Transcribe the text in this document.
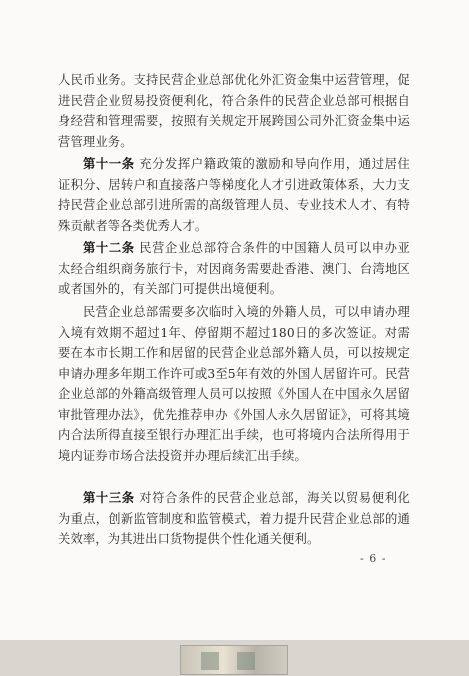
人民币业务。支持民营企业总部优化外汇资金集中运营管理，促进民营企业贸易投资便利化，符合条件的民营企业总部可根据自身经营和管理需要，按照有关规定开展跨国公司外汇资金集中运营管理业务。

第十一条 充分发挥户籍政策的激励和导向作用，通过居住证积分、居转户和直接落户等梯度化人才引进政策体系，大力支持民营企业总部引进所需的高级管理人员、专业技术人才、有特殊贡献者等各类优秀人才。

第十二条 民营企业总部符合条件的中国籍人员可以申办亚太经合组织商务旅行卡，对因商务需要赴香港、澳门、台湾地区或者国外的，有关部门可提供出境便利。

民营企业总部需要多次临时入境的外籍人员，可以申请办理入境有效期不超过1年、停留期不超过180日的多次签证。对需要在本市长期工作和居留的民营企业总部外籍人员，可以按规定申请办理多年期工作许可或3至5年有效的外国人居留许可。民营企业总部的外籍高级管理人员可以按照《外国人在中国永久居留审批管理办法》，优先推荐申办《外国人永久居留证》，可将其境内合法所得直接至银行办理汇出手续，也可将境内合法所得用于境内证券市场合法投资并办理后续汇出手续。

第十三条 对符合条件的民营企业总部，海关以贸易便利化为重点，创新监管制度和监管模式，着力提升民营企业总部的通关效率，为其进出口货物提供个性化通关便利。

- 6 -
